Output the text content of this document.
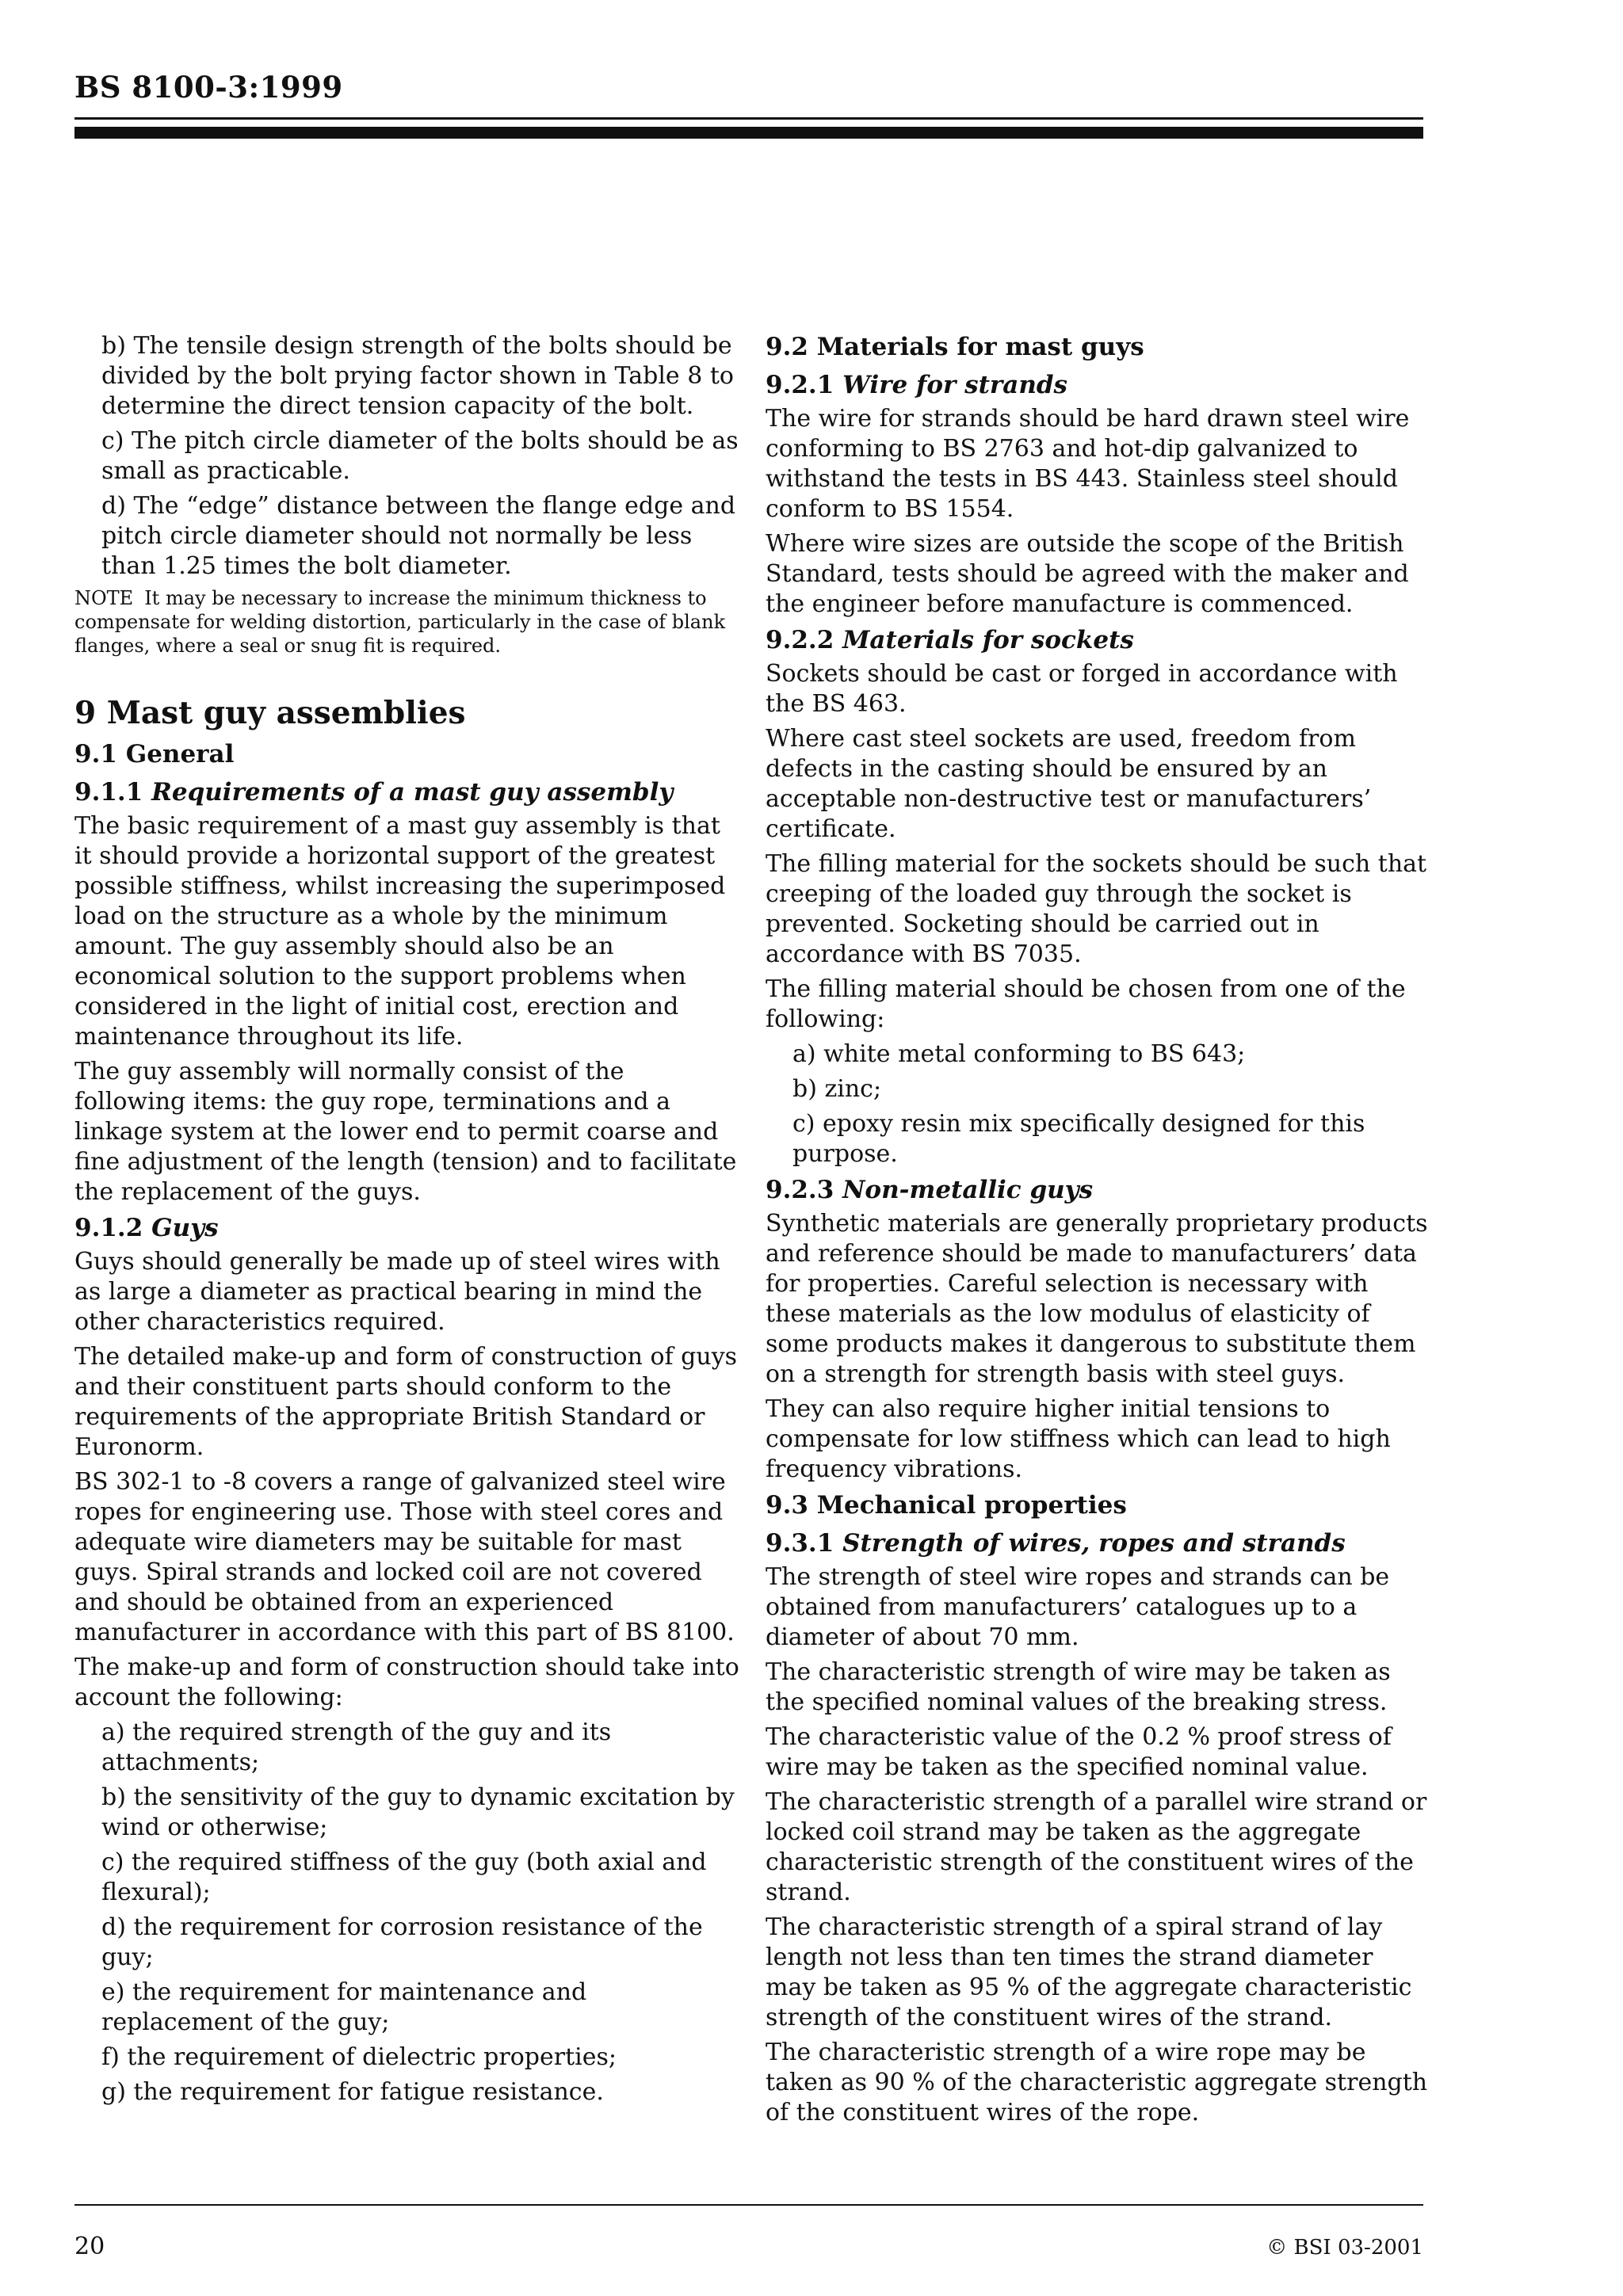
BS 8100-3:1999

b) The tensile design strength of the bolts should be divided by the bolt prying factor shown in Table 8 to determine the direct tension capacity of the bolt.

c) The pitch circle diameter of the bolts should be as small as practicable.

d) The “edge” distance between the flange edge and pitch circle diameter should not normally be less than 1.25 times the bolt diameter.

NOTE It may be necessary to increase the minimum thickness to compensate for welding distortion, particularly in the case of blank flanges, where a seal or snug fit is required.

9 Mast guy assemblies
9.1 General
9.1.1 Requirements of a mast guy assembly

The basic requirement of a mast guy assembly is that it should provide a horizontal support of the greatest possible stiffness, whilst increasing the superimposed load on the structure as a whole by the minimum amount. The guy assembly should also be an economical solution to the support problems when considered in the light of initial cost, erection and maintenance throughout its life.

The guy assembly will normally consist of the following items: the guy rope, terminations and a linkage system at the lower end to permit coarse and fine adjustment of the length (tension) and to facilitate the replacement of the guys.

9.1.2 Guys

Guys should generally be made up of steel wires with as large a diameter as practical bearing in mind the other characteristics required.

The detailed make-up and form of construction of guys and their constituent parts should conform to the requirements of the appropriate British Standard or Euronorm.

BS 302-1 to -8 covers a range of galvanized steel wire ropes for engineering use. Those with steel cores and adequate wire diameters may be suitable for mast guys. Spiral strands and locked coil are not covered and should be obtained from an experienced manufacturer in accordance with this part of BS 8100.

The make-up and form of construction should take into account the following:

a) the required strength of the guy and its attachments;

b) the sensitivity of the guy to dynamic excitation by wind or otherwise;

c) the required stiffness of the guy (both axial and flexural);

d) the requirement for corrosion resistance of the guy;

e) the requirement for maintenance and replacement of the guy;

f) the requirement of dielectric properties;

g) the requirement for fatigue resistance.

9.2 Materials for mast guys
9.2.1 Wire for strands

The wire for strands should be hard drawn steel wire conforming to BS 2763 and hot-dip galvanized to withstand the tests in BS 443. Stainless steel should conform to BS 1554.

Where wire sizes are outside the scope of the British Standard, tests should be agreed with the maker and the engineer before manufacture is commenced.

9.2.2 Materials for sockets

Sockets should be cast or forged in accordance with the BS 463.

Where cast steel sockets are used, freedom from defects in the casting should be ensured by an acceptable non-destructive test or manufacturers’ certificate.

The filling material for the sockets should be such that creeping of the loaded guy through the socket is prevented. Socketing should be carried out in accordance with BS 7035.

The filling material should be chosen from one of the following:

a) white metal conforming to BS 643;

b) zinc;

c) epoxy resin mix specifically designed for this purpose.

9.2.3 Non-metallic guys

Synthetic materials are generally proprietary products and reference should be made to manufacturers’ data for properties. Careful selection is necessary with these materials as the low modulus of elasticity of some products makes it dangerous to substitute them on a strength for strength basis with steel guys.

They can also require higher initial tensions to compensate for low stiffness which can lead to high frequency vibrations.

9.3 Mechanical properties
9.3.1 Strength of wires, ropes and strands

The strength of steel wire ropes and strands can be obtained from manufacturers’ catalogues up to a diameter of about 70 mm.

The characteristic strength of wire may be taken as the specified nominal values of the breaking stress.

The characteristic value of the 0.2 % proof stress of wire may be taken as the specified nominal value.

The characteristic strength of a parallel wire strand or locked coil strand may be taken as the aggregate characteristic strength of the constituent wires of the strand.

The characteristic strength of a spiral strand of lay length not less than ten times the strand diameter may be taken as 95 % of the aggregate characteristic strength of the constituent wires of the strand.

The characteristic strength of a wire rope may be taken as 90 % of the characteristic aggregate strength of the constituent wires of the rope.

20	© BSI 03-2001
